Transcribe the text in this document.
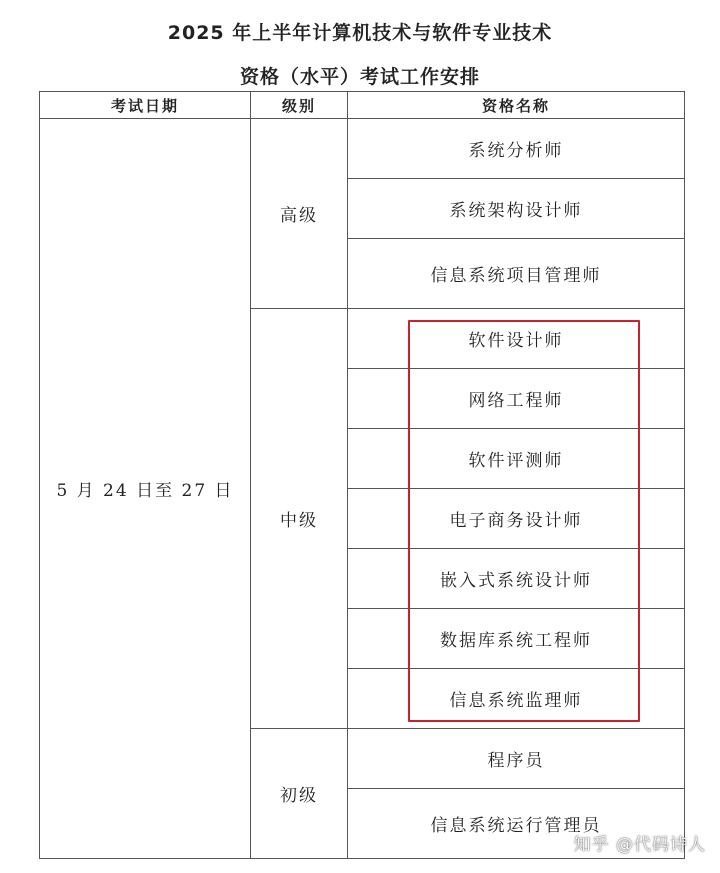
2025 年上半年计算机技术与软件专业技术
资格（水平）考试工作安排
考试日期	级别	资格名称
5 月 24 日至 27 日	高级	系统分析师
		系统架构设计师
		信息系统项目管理师
	中级	软件设计师
		网络工程师
		软件评测师
		电子商务设计师
		嵌入式系统设计师
		数据库系统工程师
		信息系统监理师
	初级	程序员
		信息系统运行管理员
知乎 @代码诗人
